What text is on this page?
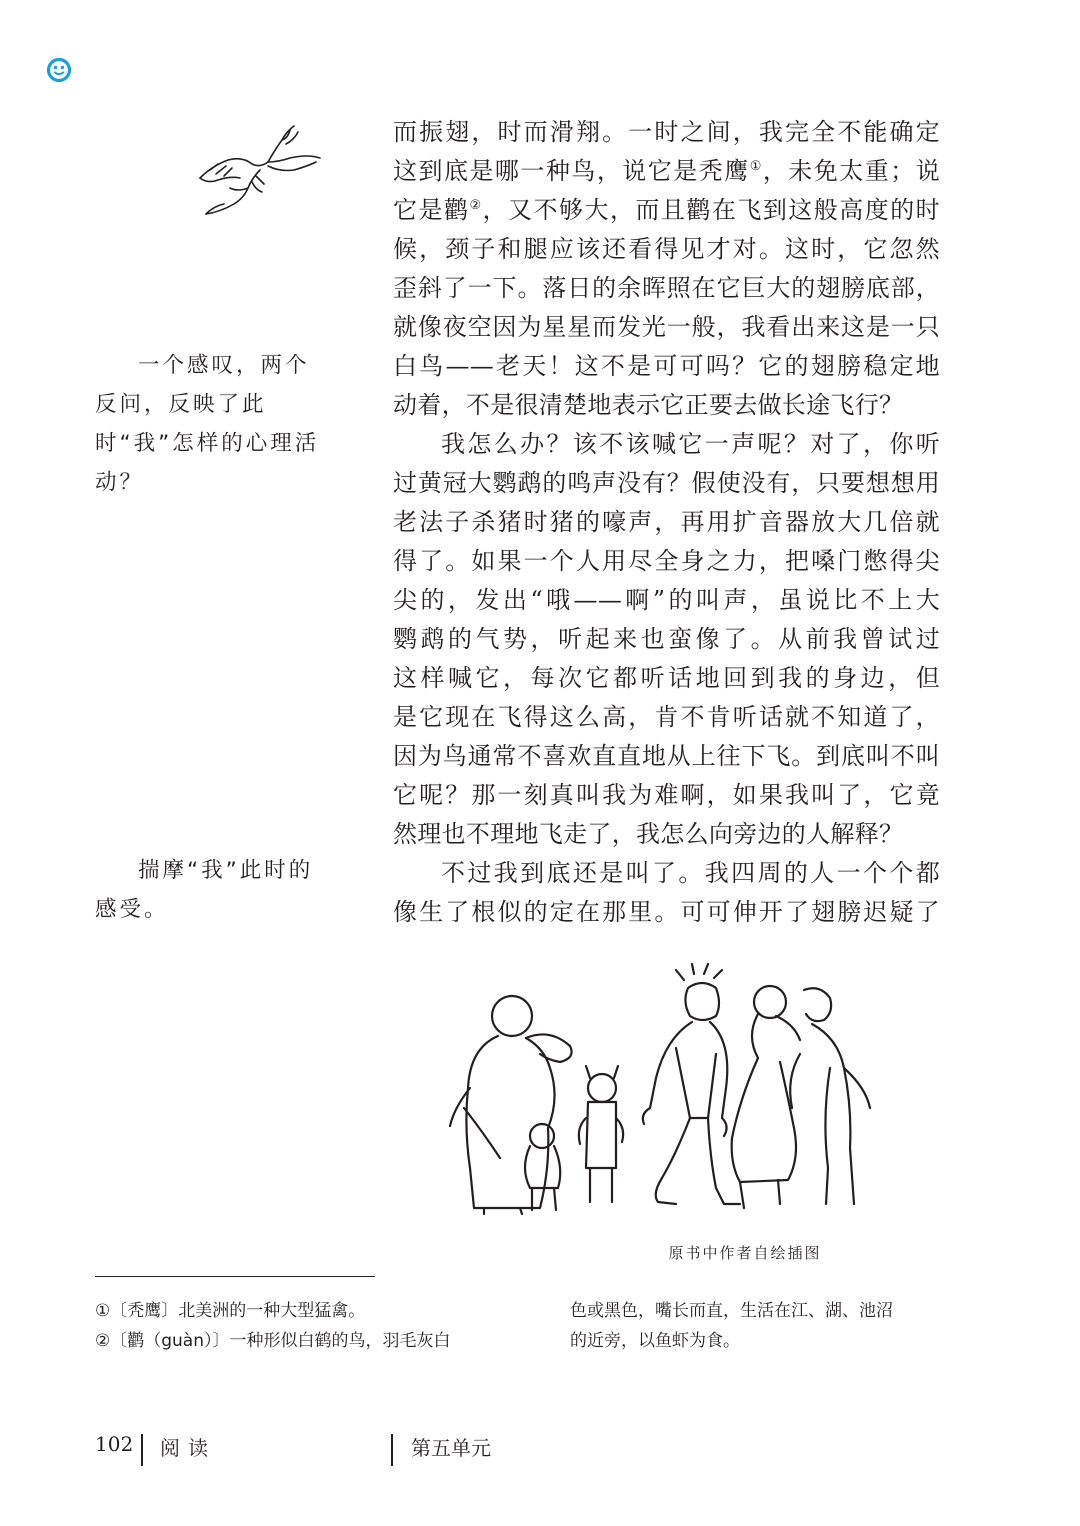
一个感叹，两个反问，反映了此时“我”怎样的心理活动？

揣摩“我”此时的感受。

而振翅，时而滑翔。一时之间，我完全不能确定

这到底是哪一种鸟，说它是秃鹰①，未免太重；说

它是鹳②，又不够大，而且鹳在飞到这般高度的时

候，颈子和腿应该还看得见才对。这时，它忽然

歪斜了一下。落日的余晖照在它巨大的翅膀底部，

就像夜空因为星星而发光一般，我看出来这是一只

白鸟——老天！这不是可可吗？它的翅膀稳定地

动着，不是很清楚地表示它正要去做长途飞行？

我怎么办？该不该喊它一声呢？对了，你听

过黄冠大鹦鹉的鸣声没有？假使没有，只要想想用

老法子杀猪时猪的嚎声，再用扩音器放大几倍就

得了。如果一个人用尽全身之力，把嗓门憋得尖

尖的，发出“哦——啊”的叫声，虽说比不上大

鹦鹉的气势，听起来也蛮像了。从前我曾试过

这样喊它，每次它都听话地回到我的身边，但

是它现在飞得这么高，肯不肯听话就不知道了，

因为鸟通常不喜欢直直地从上往下飞。到底叫不叫

它呢？那一刻真叫我为难啊，如果我叫了，它竟

然理也不理地飞走了，我怎么向旁边的人解释？

不过我到底还是叫了。我四周的人一个个都

像生了根似的定在那里。可可伸开了翅膀迟疑了

原书中作者自绘插图
①〔秃鹰〕北美洲的一种大型猛禽。
②〔鹳（guàn）〕一种形似白鹤的鸟，羽毛灰白
色或黑色，嘴长而直，生活在江、湖、池沼
的近旁，以鱼虾为食。
102 阅读	第五单元
